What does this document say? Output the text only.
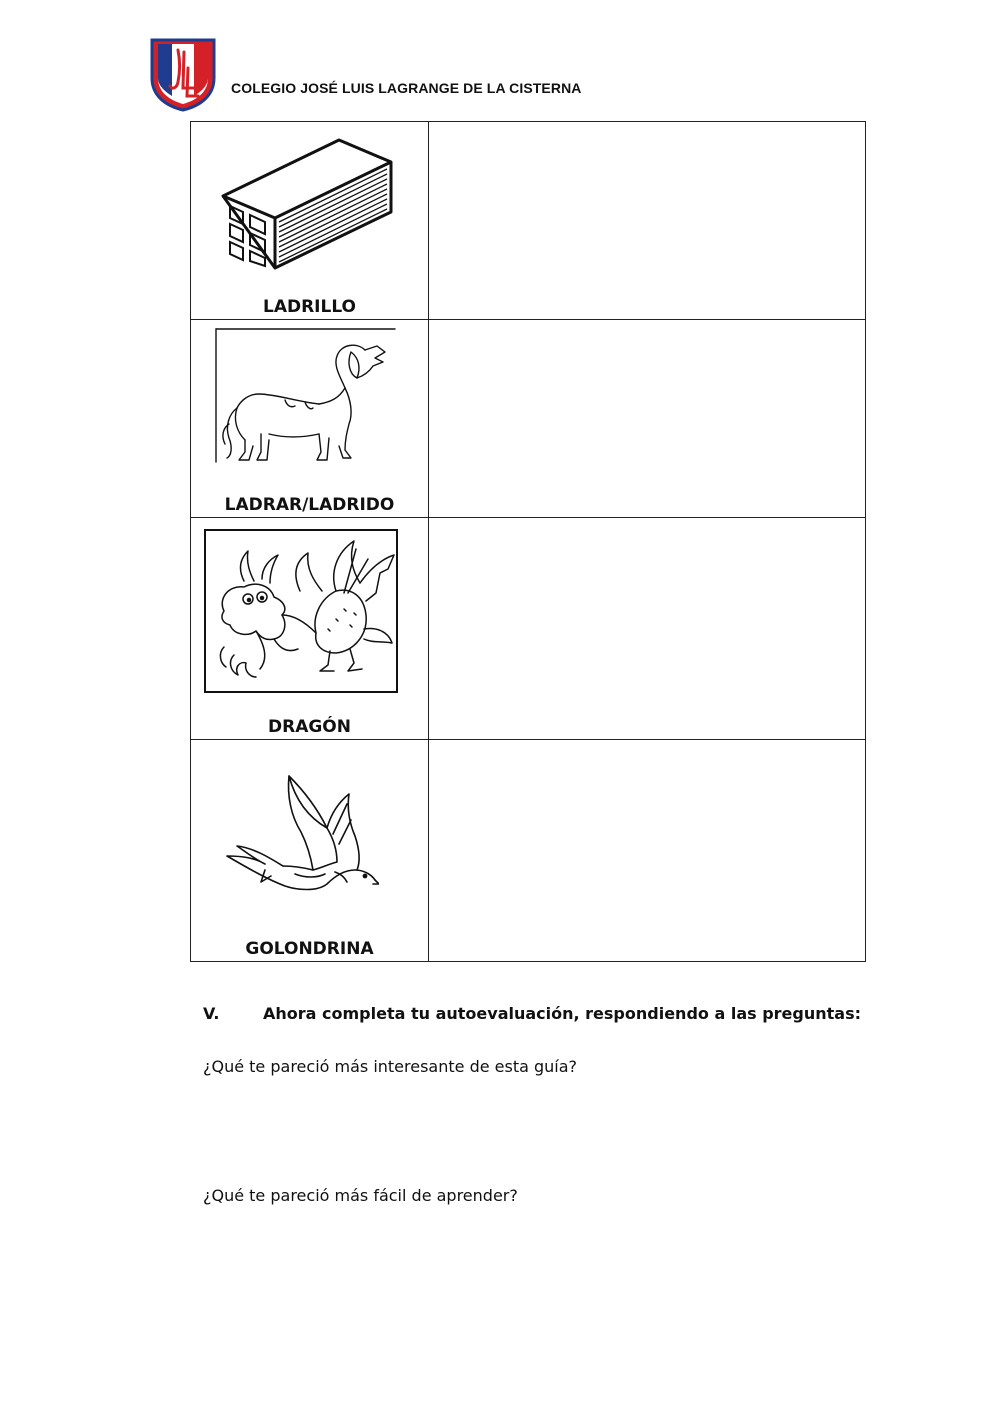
COLEGIO JOSÉ LUIS LAGRANGE DE LA CISTERNA
LADRILLO	

LADRAR/LADRIDO	

DRAGÓN	

GOLONDRINA	

V.	Ahora completa tu autoevaluación, respondiendo a las preguntas:
¿Qué te pareció más interesante de esta guía?
¿Qué te pareció más fácil de aprender?
